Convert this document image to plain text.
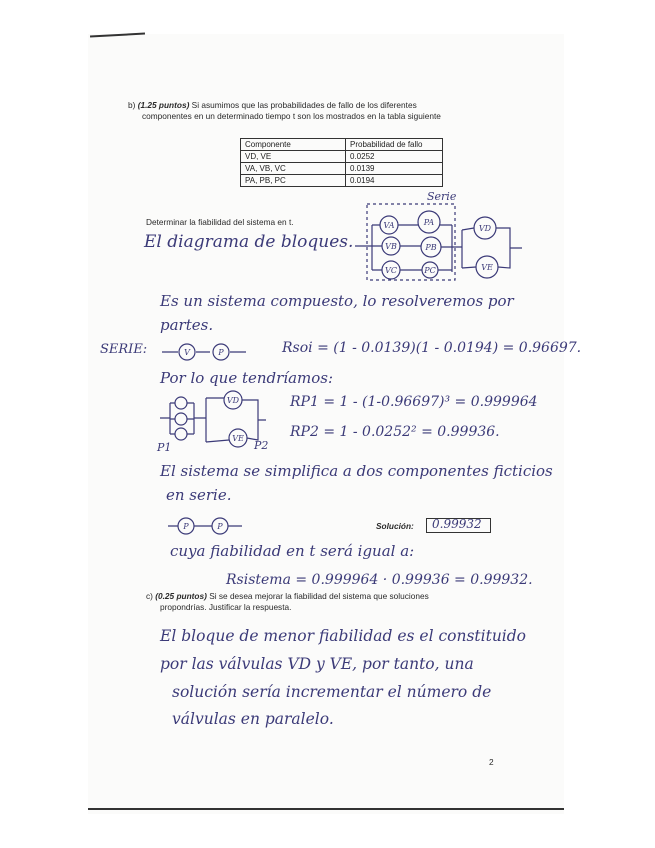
b) (1.25 puntos) Si asumimos que las probabilidades de fallo de los diferentes
componentes en un determinado tiempo t son los mostrados en la tabla siguiente
Componente	Probabilidad de fallo
VD, VE	0.0252
VA, VB, VC	0.0139
PA, PB, PC	0.0194
Determinar la fiabilidad del sistema en t.	VA	PA
VB	PB
VC	PC
VD
VE
V	P
VD
VE
P	P
Serie
El diagrama de bloques.
Es un sistema compuesto, lo resolveremos por
partes.
SERIE:	Rsoi = (1 - 0.0139)(1 - 0.0194) = 0.96697.
Por lo que tendríamos:
RP1 = 1 - (1-0.96697)³ = 0.999964
RP2 = 1 - 0.0252² = 0.99936.
P1	P2
El sistema se simplifica a dos componentes ficticios
en serie.
Solución: 0.99932
cuya fiabilidad en t será igual a:
Rsistema = 0.999964 · 0.99936 = 0.99932.
c) (0.25 puntos) Si se desea mejorar la fiabilidad del sistema que soluciones
propondrías. Justificar la respuesta.
El bloque de menor fiabilidad es el constituido
por las válvulas VD y VE, por tanto, una
solución sería incrementar el número de
válvulas en paralelo.
2
